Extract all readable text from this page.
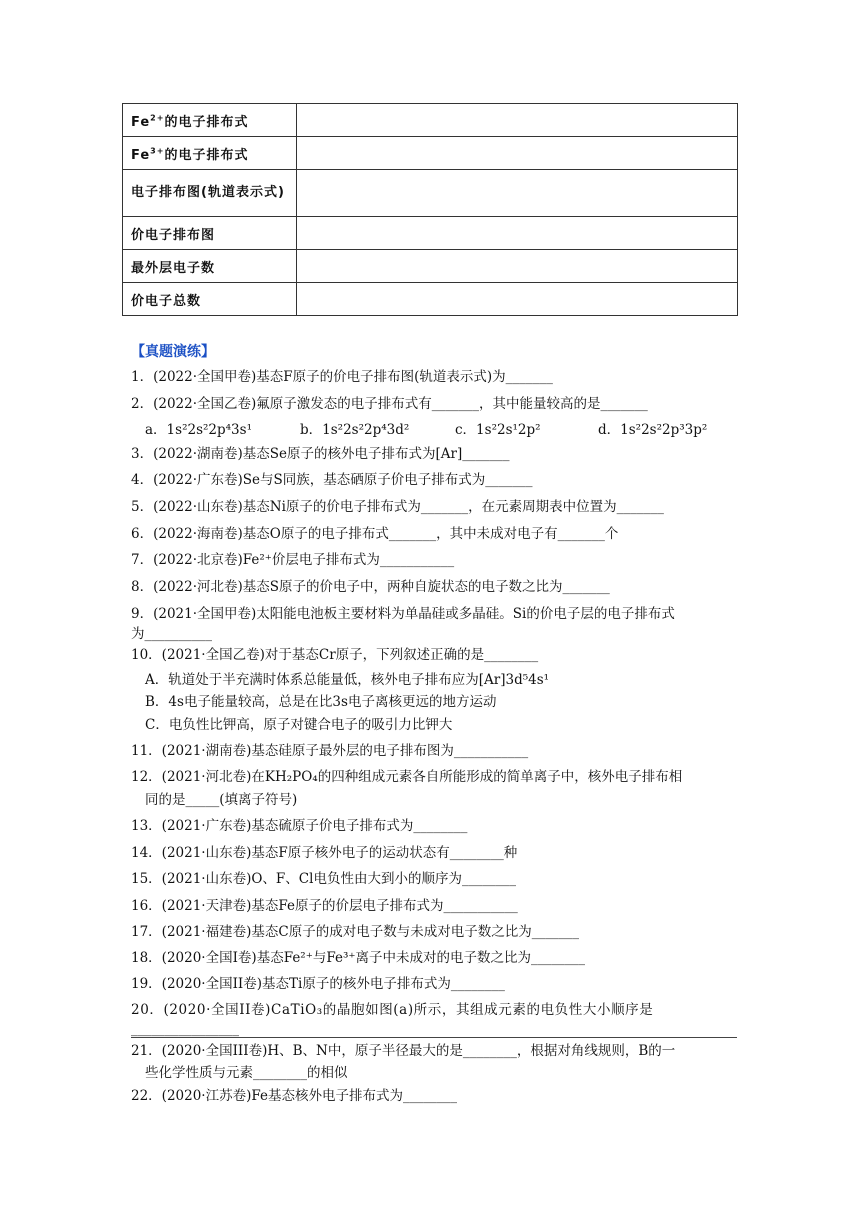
$Fe^{2+}$的电子排布式	
$Fe^{3+}$的电子排布式	
电子排布图(轨道表示式)	
价电子排布图	
最外层电子数	
价电子总数	
【真题演练】
1．(2022·全国甲卷)基态F原子的价电子排布图(轨道表示式)为_______
2．(2022·全国乙卷)氟原子激发态的电子排布式有_______，其中能量较高的是_______
a．1s²2s²2p⁴3s¹	b．1s²2s²2p⁴3d²	c．1s²2s¹2p²	d．1s²2s²2p³3p²
3．(2022·湖南卷)基态Se原子的核外电子排布式为[Ar]_______
4．(2022·广东卷)Se与S同族，基态硒原子价电子排布式为_______
5．(2022·山东卷)基态Ni原子的价电子排布式为_______，在元素周期表中位置为_______
6．(2022·海南卷)基态O原子的电子排布式_______，其中未成对电子有_______个
7．(2022·北京卷)Fe²⁺价层电子排布式为___________
8．(2022·河北卷)基态S原子的价电子中，两种自旋状态的电子数之比为_______
9．(2021·全国甲卷)太阳能电池板主要材料为单晶硅或多晶硅。Si的价电子层的电子排布式
为__________
10．(2021·全国乙卷)对于基态Cr原子，下列叙述正确的是________
A．轨道处于半充满时体系总能量低，核外电子排布应为[Ar]3d⁵4s¹
B．4s电子能量较高，总是在比3s电子离核更远的地方运动
C．电负性比钾高，原子对键合电子的吸引力比钾大
11．(2021·湖南卷)基态硅原子最外层的电子排布图为___________
12．(2021·河北卷)在KH₂PO₄的四种组成元素各自所能形成的简单离子中，核外电子排布相
同的是_____(填离子符号)
13．(2021·广东卷)基态硫原子价电子排布式为________
14．(2021·山东卷)基态F原子核外电子的运动状态有________种
15．(2021·山东卷)O、F、Cl电负性由大到小的顺序为________
16．(2021·天津卷)基态Fe原子的价层电子排布式为___________
17．(2021·福建卷)基态C原子的成对电子数与未成对电子数之比为_______
18．(2020·全国I卷)基态Fe²⁺与Fe³⁺离子中未成对的电子数之比为________
19．(2020·全国II卷)基态Ti原子的核外电子排布式为________
20．(2020·全国II卷)CaTiO₃的晶胞如图(a)所示，其组成元素的电负性大小顺序是
________________
21．(2020·全国III卷)H、B、N中，原子半径最大的是________，根据对角线规则，B的一
些化学性质与元素________的相似
22．(2020·江苏卷)Fe基态核外电子排布式为________
